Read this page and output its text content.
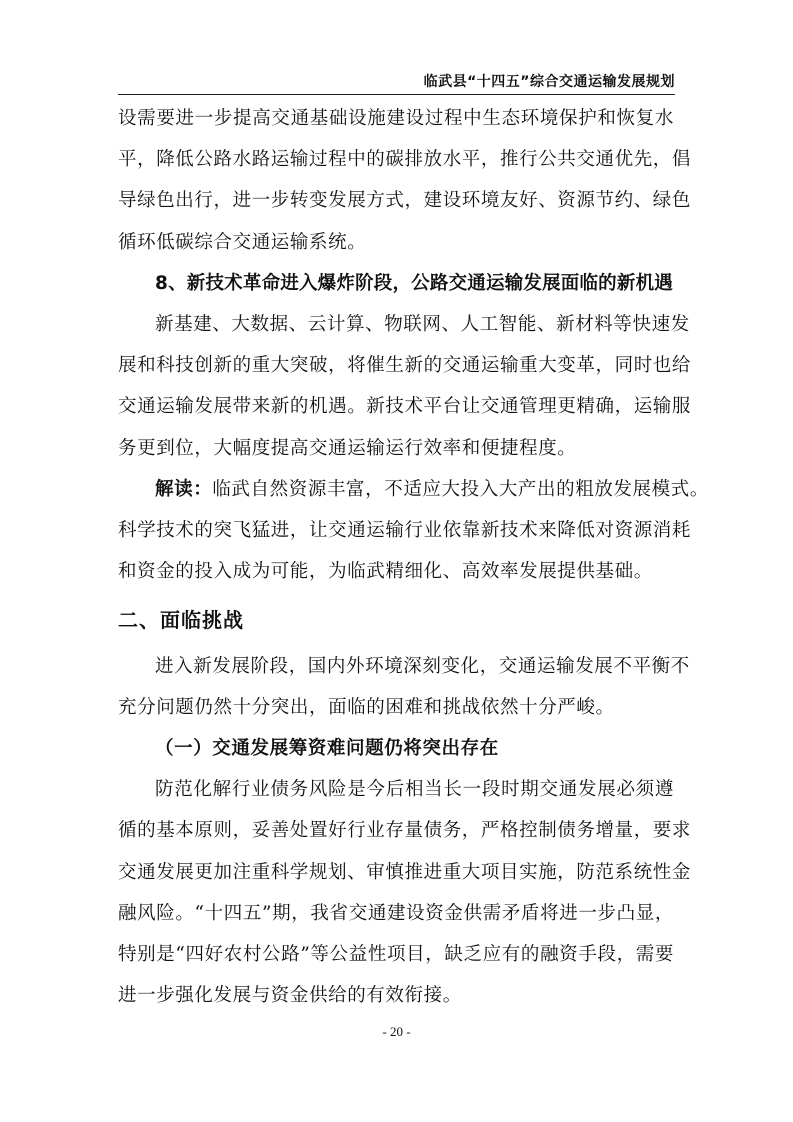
临武县“十四五”综合交通运输发展规划

设需要进一步提高交通基础设施建设过程中生态环境保护和恢复水

平，降低公路水路运输过程中的碳排放水平，推行公共交通优先，倡

导绿色出行，进一步转变发展方式，建设环境友好、资源节约、绿色

循环低碳综合交通运输系统。

8、新技术革命进入爆炸阶段，公路交通运输发展面临的新机遇

新基建、大数据、云计算、物联网、人工智能、新材料等快速发

展和科技创新的重大突破，将催生新的交通运输重大变革，同时也给

交通运输发展带来新的机遇。新技术平台让交通管理更精确，运输服

务更到位，大幅度提高交通运输运行效率和便捷程度。

解读：临武自然资源丰富，不适应大投入大产出的粗放发展模式。

科学技术的突飞猛进，让交通运输行业依靠新技术来降低对资源消耗

和资金的投入成为可能，为临武精细化、高效率发展提供基础。

二、面临挑战

进入新发展阶段，国内外环境深刻变化，交通运输发展不平衡不

充分问题仍然十分突出，面临的困难和挑战依然十分严峻。

（一）交通发展筹资难问题仍将突出存在

防范化解行业债务风险是今后相当长一段时期交通发展必须遵

循的基本原则，妥善处置好行业存量债务，严格控制债务增量，要求

交通发展更加注重科学规划、审慎推进重大项目实施，防范系统性金

融风险。“十四五”期，我省交通建设资金供需矛盾将进一步凸显，

特别是“四好农村公路”等公益性项目，缺乏应有的融资手段，需要

进一步强化发展与资金供给的有效衔接。

- 20 -
